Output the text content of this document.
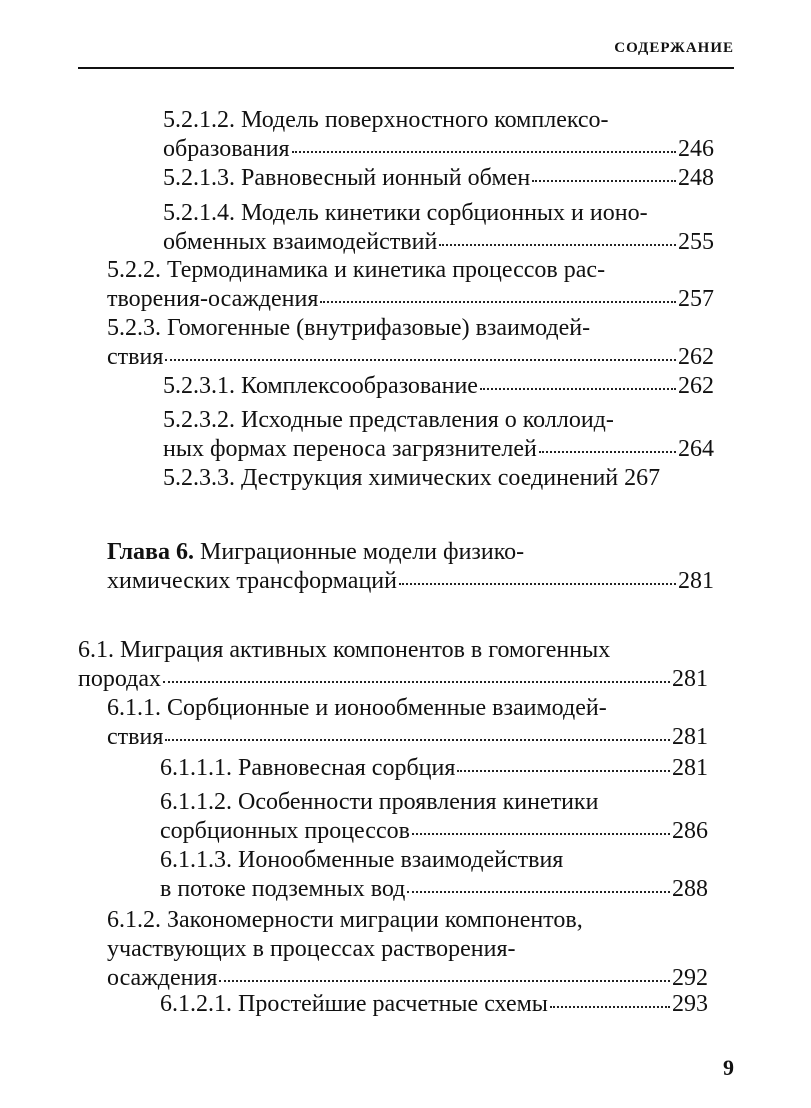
СОДЕРЖАНИЕ
5.2.1.2. Модель поверхностного комплексо-
образования	246
5.2.1.3. Равновесный ионный обмен	248
5.2.1.4. Модель кинетики сорбционных и ионо-
обменных взаимодействий	255
5.2.2. Термодинамика и кинетика процессов рас-
творения-осаждения	257
5.2.3. Гомогенные (внутрифазовые) взаимодей-
ствия	262
5.2.3.1. Комплексообразование	262
5.2.3.2. Исходные представления о коллоид-
ных формах переноса загрязнителей	264
5.2.3.3. Деструкция химических соединений 267
Глава 6. Миграционные модели физико-
химических трансформаций	281
6.1. Миграция активных компонентов в гомогенных
породах	281
6.1.1. Сорбционные и ионообменные взаимодей-
ствия	281
6.1.1.1. Равновесная сорбция	281
6.1.1.2. Особенности проявления кинетики
сорбционных процессов	286
6.1.1.3. Ионообменные взаимодействия
в потоке подземных вод	288
6.1.2. Закономерности миграции компонентов,
участвующих в процессах растворения-
осаждения	292
6.1.2.1. Простейшие расчетные схемы	293
9
